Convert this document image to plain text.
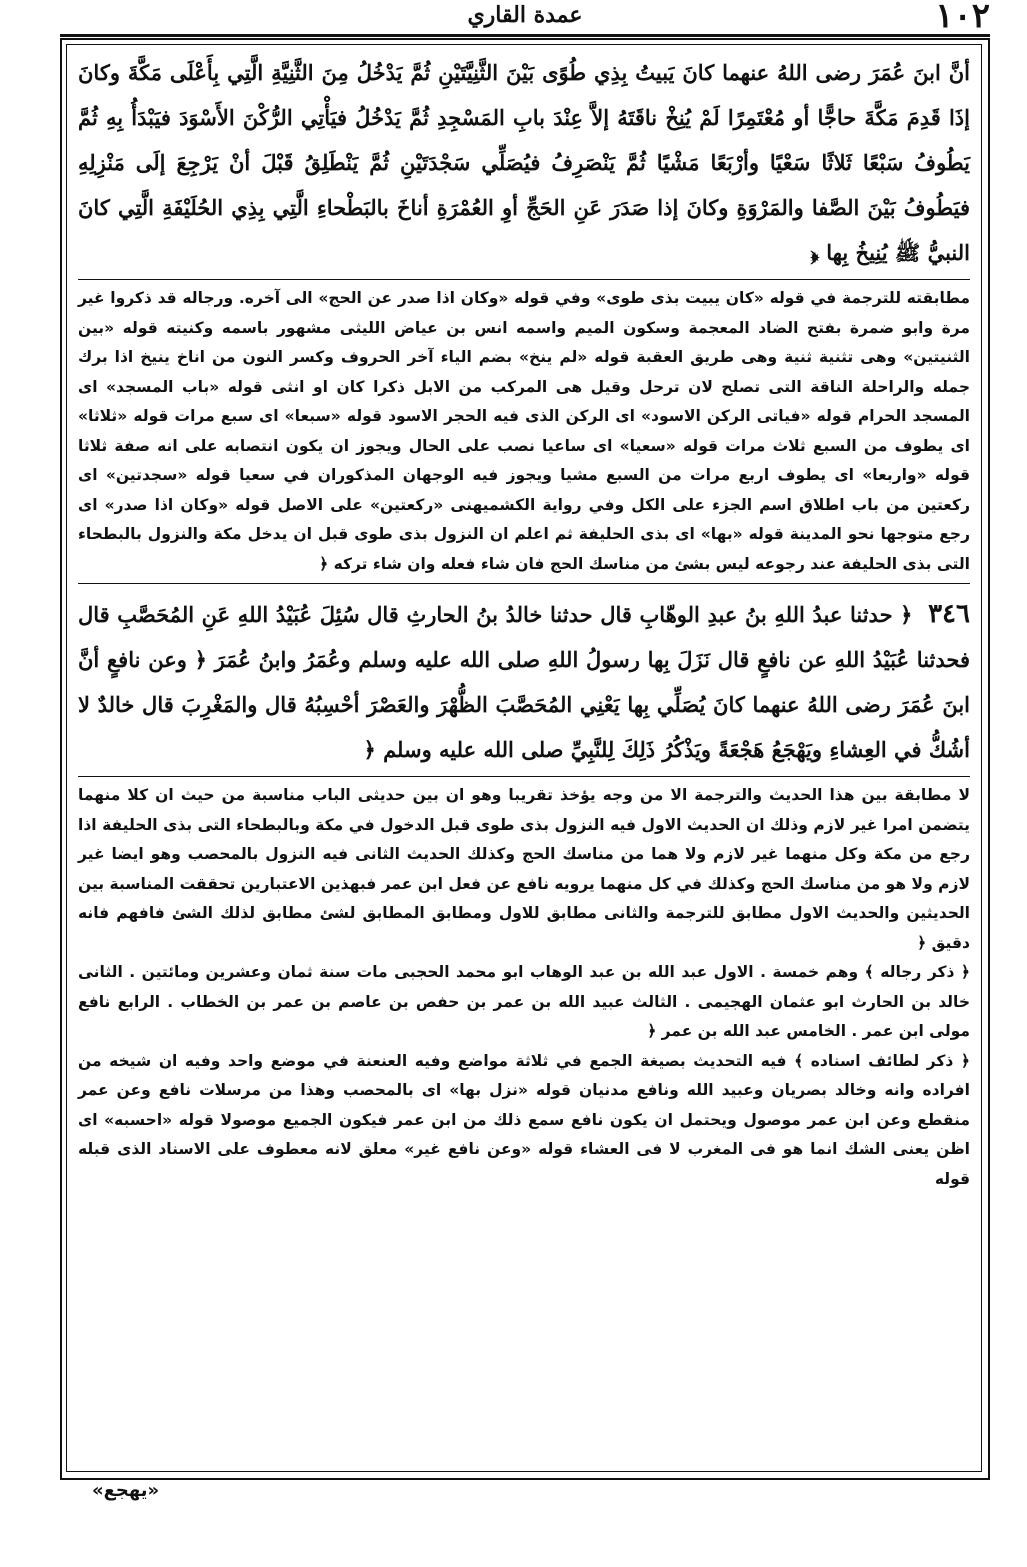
١٠٢
عمدة القاري

أنَّ ابنَ عُمَرَ رضى اللهُ عنهما كانَ يَبيتُ بِذِي طُوًى بَيْنَ الثَّنِيَّتَيْنِ ثُمَّ يَدْخُلُ مِنَ الثَّنِيَّةِ الَّتِي بِأَعْلَى مَكَّةَ وكانَ إذَا قَدِمَ مَكَّةَ حاجًّا أو مُعْتَمِرًا لَمْ يُنِخْ ناقَتَهُ إلاَّ عِنْدَ بابِ المَسْجِدِ ثُمَّ يَدْخُلُ فيَأْتِي الرُّكْنَ الأَسْوَدَ فيَبْدَأُ بِهِ ثُمَّ يَطُوفُ سَبْعًا ثَلاثًا سَعْيًا وأرْبَعًا مَشْيًا ثُمَّ يَنْصَرِفُ فيُصَلِّي سَجْدَتَيْنِ ثُمَّ يَنْطَلِقُ قَبْلَ أنْ يَرْجِعَ إلَى مَنْزِلِهِ فيَطُوفُ بَيْنَ الصَّفا والمَرْوَةِ وكانَ إذا صَدَرَ عَنِ الحَجِّ أوِ العُمْرَةِ أناخَ بالبَطْحاءِ الَّتِي بِذِي الحُلَيْفَةِ الَّتِي كانَ النبيُّ ﷺ يُنِيخُ بِها ﴿

مطابقته للترجمة في قوله «كان يبيت بذى طوى» وفي قوله «وكان اذا صدر عن الحج» الى آخره. ورجاله قد ذكروا غير مرة وابو ضمرة بفتح الضاد المعجمة وسكون الميم واسمه انس بن عياض الليثى مشهور باسمه وكنيته قوله «بين الثنيتين» وهى تثنية ثنية وهى طريق العقبة قوله «لم ينخ» بضم الياء آخر الحروف وكسر النون من اناخ ينيخ اذا برك جمله والراحلة الناقة التى تصلح لان ترحل وقيل هى المركب من الابل ذكرا كان او انثى قوله «باب المسجد» اى المسجد الحرام قوله «فياتى الركن الاسود» اى الركن الذى فيه الحجر الاسود قوله «سبعا» اى سبع مرات قوله «ثلاثا» اى يطوف من السبع ثلاث مرات قوله «سعيا» اى ساعيا نصب على الحال ويجوز ان يكون انتصابه على انه صفة ثلاثا قوله «واربعا» اى يطوف اربع مرات من السبع مشيا ويجوز فيه الوجهان المذكوران في سعيا قوله «سجدتين» اى ركعتين من باب اطلاق اسم الجزء على الكل وفي رواية الكشميهنى «ركعتين» على الاصل قوله «وكان اذا صدر» اى رجع متوجها نحو المدينة قوله «بها» اى بذى الحليفة ثم اعلم ان النزول بذى طوى قبل ان يدخل مكة والنزول بالبطحاء التى بذى الحليفة عند رجوعه ليس بشئ من مناسك الحج فان شاء فعله وان شاء تركه ﴿

٣٤٦ ﴿ حدثنا عبدُ اللهِ بنُ عبدِ الوهّابِ قال حدثنا خالدُ بنُ الحارثِ قال سُئِلَ عُبَيْدُ اللهِ عَنِ المُحَصَّبِ قال فحدثنا عُبَيْدُ اللهِ عن نافعٍ قال نَزَلَ بِها رسولُ اللهِ صلى الله عليه وسلم وعُمَرُ وابنُ عُمَرَ ﴿ وعن نافعٍ أنَّ ابنَ عُمَرَ رضى اللهُ عنهما كانَ يُصَلِّي بِها يَعْنِي المُحَصَّبَ الظُّهْرَ والعَصْرَ أحْسِبُهُ قال والمَغْرِبَ قال خالدٌ لا أشُكُّ في العِشاءِ ويَهْجَعُ هَجْعَةً ويَذْكُرُ ذَلِكَ لِلنَّبِيِّ صلى الله عليه وسلم ﴿

لا مطابقة بين هذا الحديث والترجمة الا من وجه يؤخذ تقريبا وهو ان بين حديثى الباب مناسبة من حيث ان كلا منهما يتضمن امرا غير لازم وذلك ان الحديث الاول فيه النزول بذى طوى قبل الدخول في مكة وبالبطحاء التى بذى الحليفة اذا رجع من مكة وكل منهما غير لازم ولا هما من مناسك الحج وكذلك الحديث الثانى فيه النزول بالمحصب وهو ايضا غير لازم ولا هو من مناسك الحج وكذلك في كل منهما يرويه نافع عن فعل ابن عمر فبهذين الاعتبارين تحققت المناسبة بين الحديثين والحديث الاول مطابق للترجمة والثانى مطابق للاول ومطابق المطابق لشئ مطابق لذلك الشئ فافهم فانه دقيق ﴿

﴿ ذكر رجاله ﴾ وهم خمسة . الاول عبد الله بن عبد الوهاب ابو محمد الحجبى مات سنة ثمان وعشرين ومائتين . الثانى خالد بن الحارث ابو عثمان الهجيمى . الثالث عبيد الله بن عمر بن حفص بن عاصم بن عمر بن الخطاب . الرابع نافع مولى ابن عمر . الخامس عبد الله بن عمر ﴿

﴿ ذكر لطائف اسناده ﴾ فيه التحديث بصيغة الجمع في ثلاثة مواضع وفيه العنعنة في موضع واحد وفيه ان شيخه من افراده وانه وخالد بصريان وعبيد الله ونافع مدنيان قوله «نزل بها» اى بالمحصب وهذا من مرسلات نافع وعن عمر منقطع وعن ابن عمر موصول ويحتمل ان يكون نافع سمع ذلك من ابن عمر فيكون الجميع موصولا قوله «احسبه» اى اظن يعنى الشك انما هو فى المغرب لا فى العشاء قوله «وعن نافع غير» معلق لانه معطوف على الاسناد الذى قبله قوله

«يهجع»
